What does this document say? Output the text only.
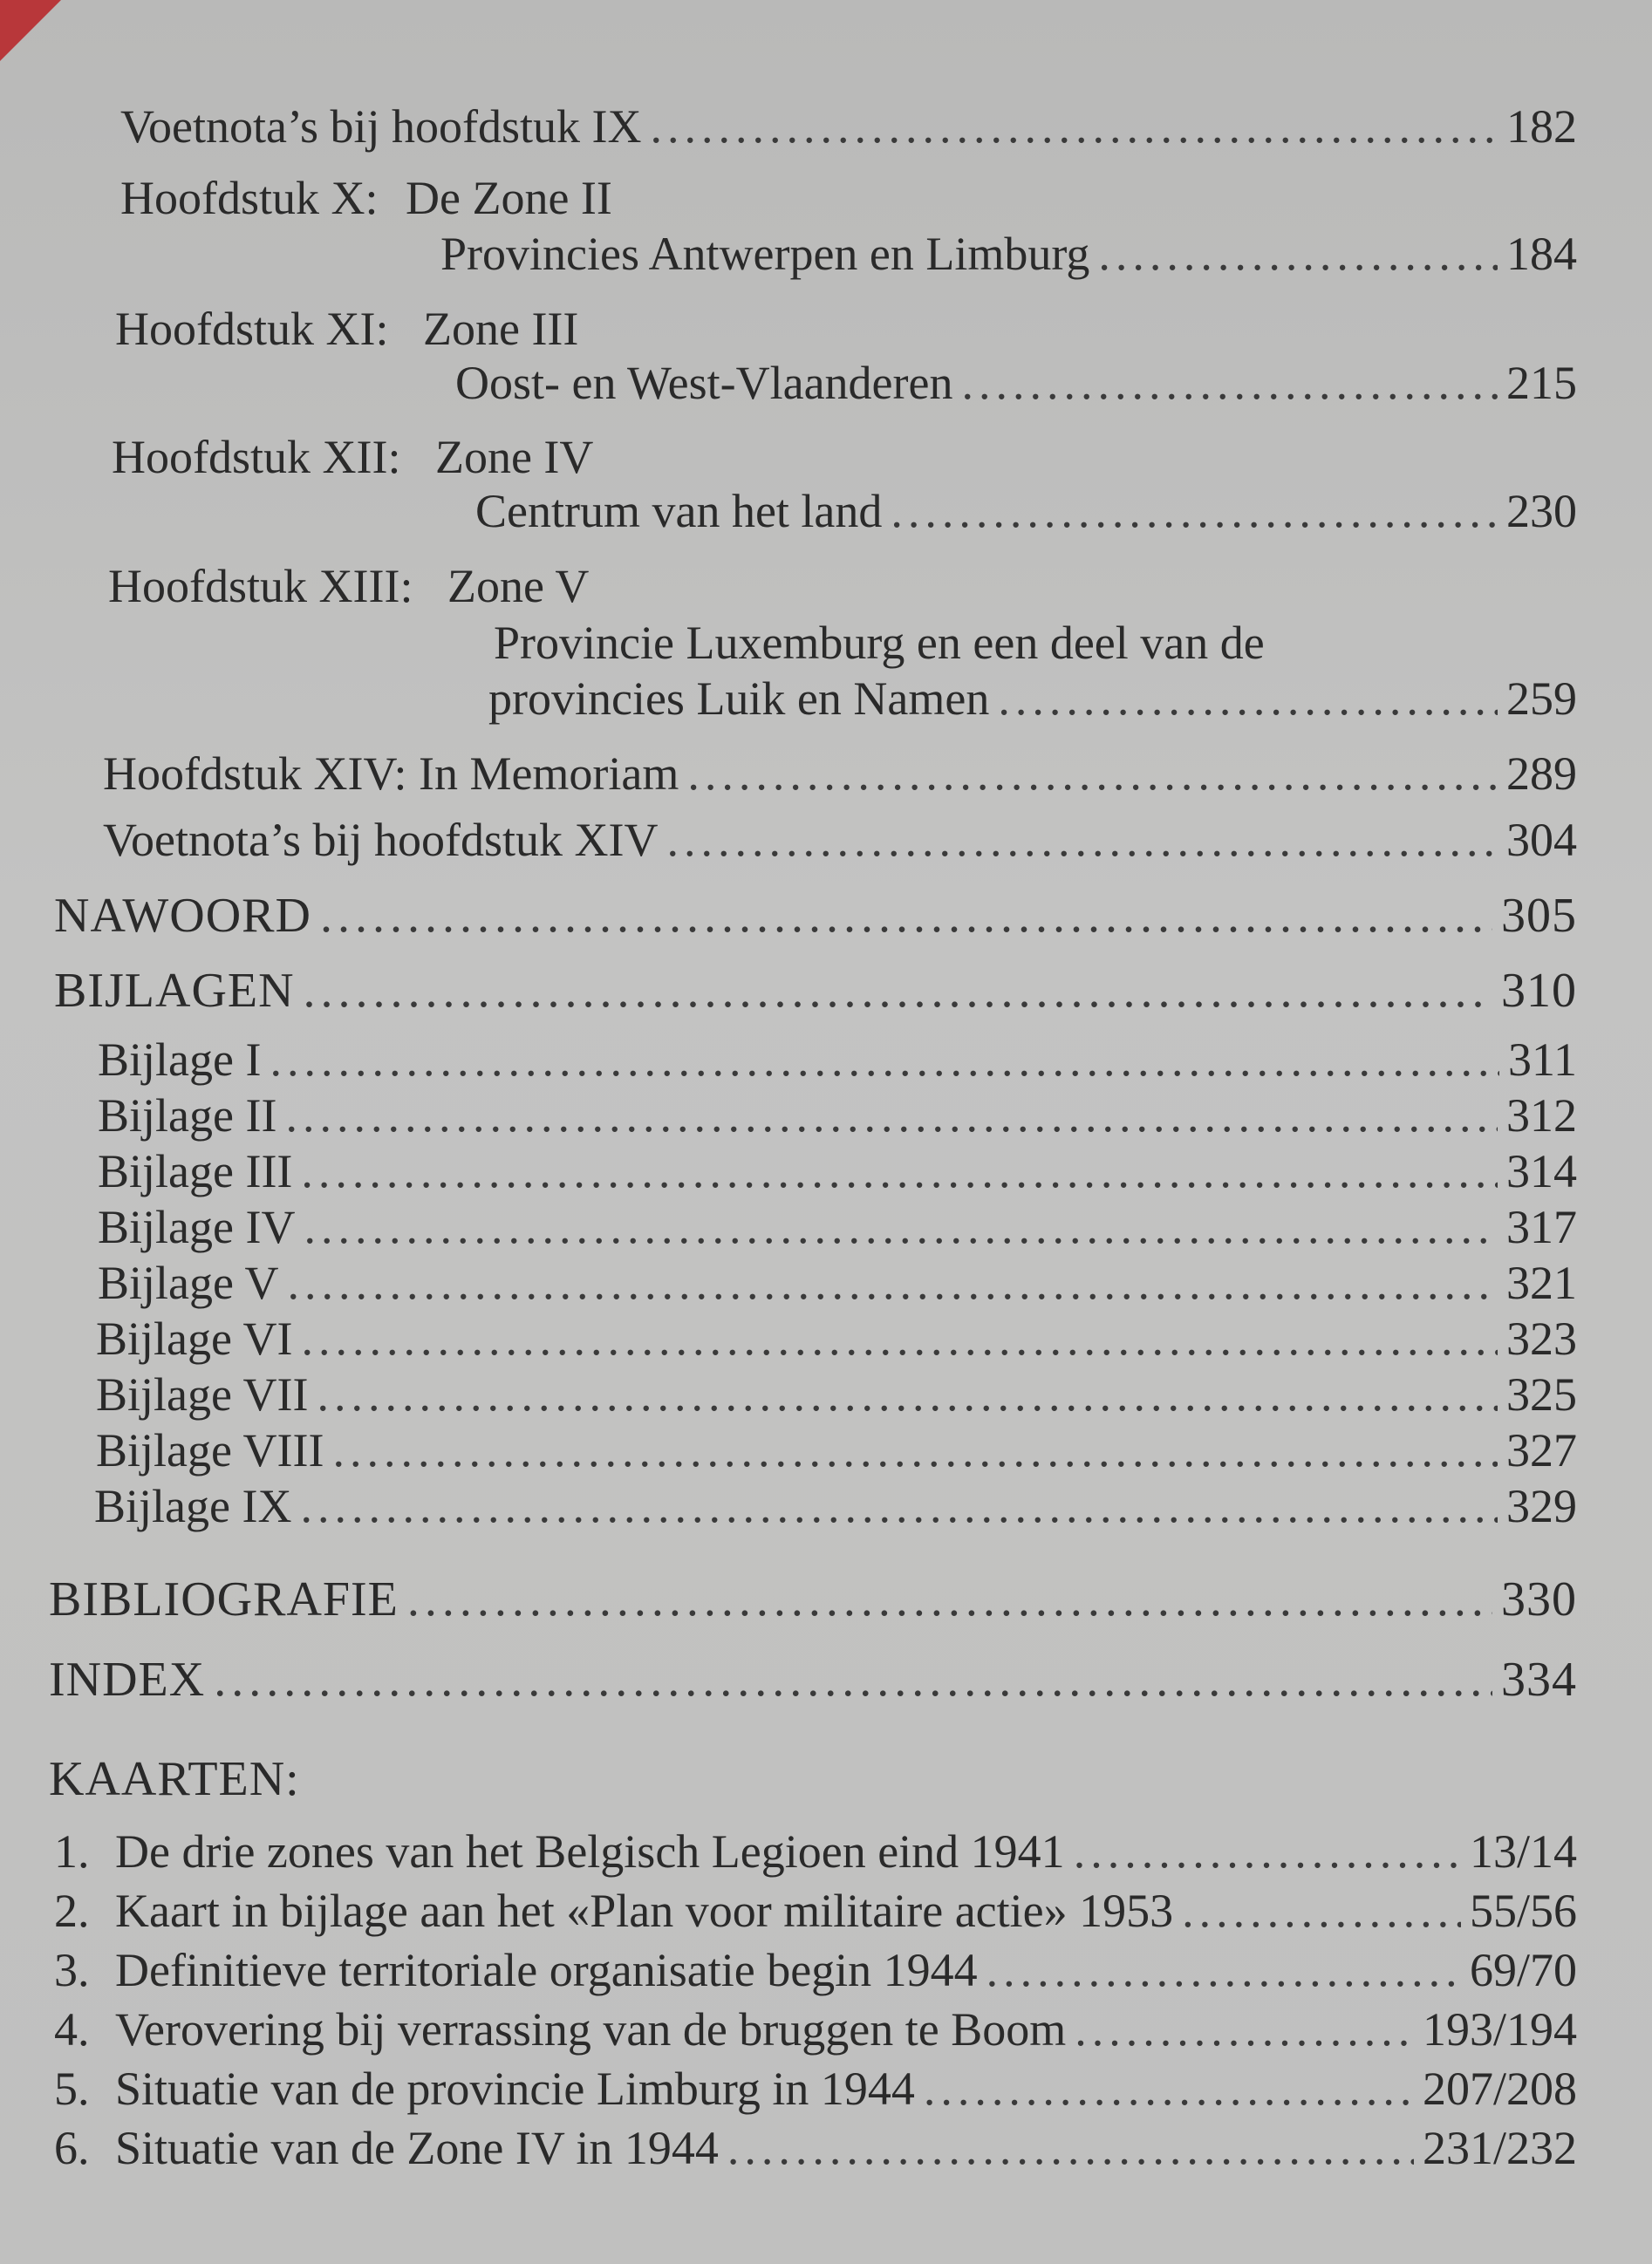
Voetnota’s bij hoofdstuk IX .....	182
Hoofdstuk X: De Zone II
Provincies Antwerpen en Limburg .....	184
Hoofdstuk XI: Zone III
Oost- en West-Vlaanderen .....	215
Hoofdstuk XII: Zone IV
Centrum van het land .....	230
Hoofdstuk XIII: Zone V
Provincie Luxemburg en een deel van de
provincies Luik en Namen .....	259
Hoofdstuk XIV: In Memoriam .....	289
Voetnota’s bij hoofdstuk XIV .....	304
NAWOORD .....	305
BIJLAGEN .....	310
Bijlage I .....	311
Bijlage II .....	312
Bijlage III .....	314
Bijlage IV .....	317
Bijlage V .....	321
Bijlage VI .....	323
Bijlage VII .....	325
Bijlage VIII .....	327
Bijlage IX .....	329
BIBLIOGRAFIE .....	330
INDEX .....	334
KAARTEN:
1. De drie zones van het Belgisch Legioen eind 1941 .....	13/14
2. Kaart in bijlage aan het «Plan voor militaire actie» 1953 .....	55/56
3. Definitieve territoriale organisatie begin 1944 .....	69/70
4. Verovering bij verrassing van de bruggen te Boom .....	193/194
5. Situatie van de provincie Limburg in 1944 .....	207/208
6. Situatie van de Zone IV in 1944 .....	231/232
